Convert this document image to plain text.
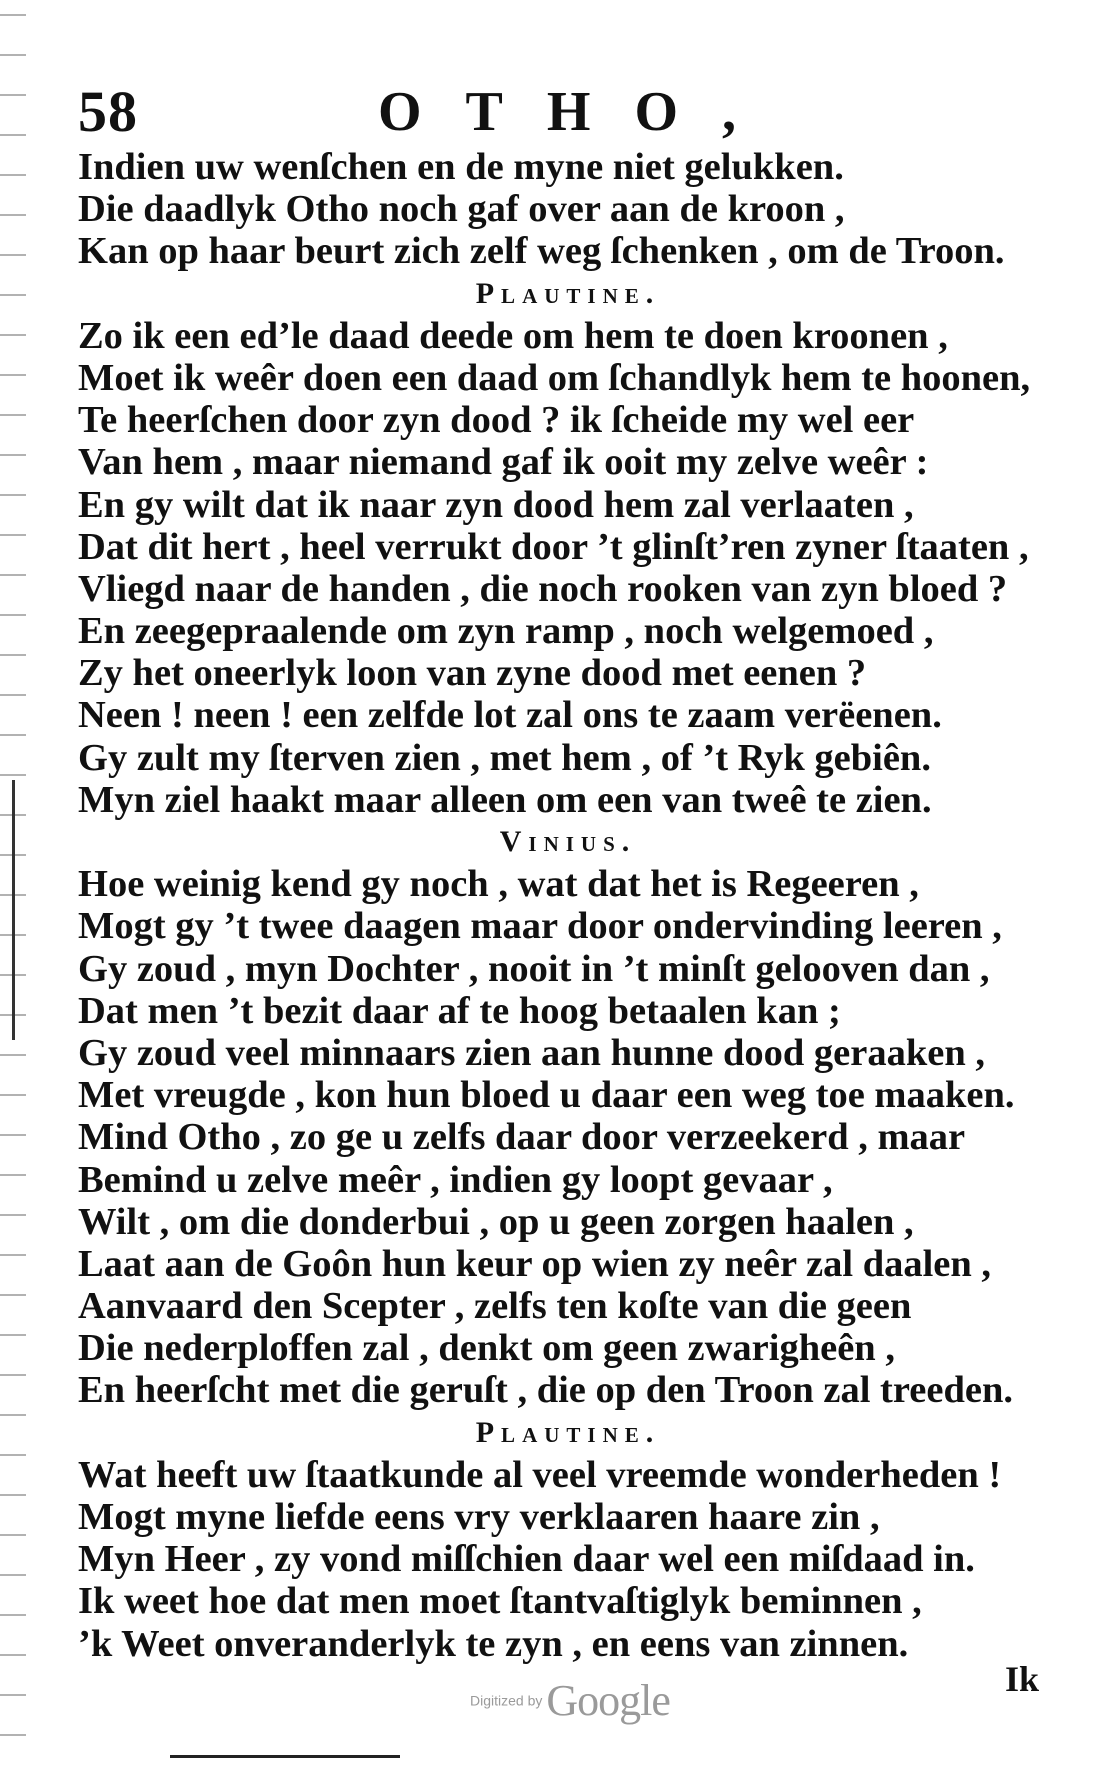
58	OTHO,
Indien uw wenſchen en de myne niet gelukken.
Die daadlyk Otho noch gaf over aan de kroon ,
Kan op haar beurt zich zelf weg ſchenken , om de Troon.
Plautine.
Zo ik een ed’le daad deede om hem te doen kroonen ,
Moet ik weêr doen een daad om ſchandlyk hem te hoonen,
Te heerſchen door zyn dood ? ik ſcheide my wel eer
Van hem , maar niemand gaf ik ooit my zelve weêr :
En gy wilt dat ik naar zyn dood hem zal verlaaten ,
Dat dit hert , heel verrukt door ’t glinſt’ren zyner ſtaaten ,
Vliegd naar de handen , die noch rooken van zyn bloed ?
En zeegepraalende om zyn ramp , noch welgemoed ,
Zy het oneerlyk loon van zyne dood met eenen ?
Neen ! neen ! een zelfde lot zal ons te zaam verëenen.
Gy zult my ſterven zien , met hem , of ’t Ryk gebiên.
Myn ziel haakt maar alleen om een van tweê te zien.
Vinius.
Hoe weinig kend gy noch , wat dat het is Regeeren ,
Mogt gy ’t twee daagen maar door ondervinding leeren ,
Gy zoud , myn Dochter , nooit in ’t minſt gelooven dan ,
Dat men ’t bezit daar af te hoog betaalen kan ;
Gy zoud veel minnaars zien aan hunne dood geraaken ,
Met vreugde , kon hun bloed u daar een weg toe maaken.
Mind Otho , zo ge u zelfs daar door verzeekerd , maar
Bemind u zelve meêr , indien gy loopt gevaar ,
Wilt , om die donderbui , op u geen zorgen haalen ,
Laat aan de Goôn hun keur op wien zy neêr zal daalen ,
Aanvaard den Scepter , zelfs ten koſte van die geen
Die nederploffen zal , denkt om geen zwarigheên ,
En heerſcht met die geruſt , die op den Troon zal treeden.
Plautine.
Wat heeft uw ſtaatkunde al veel vreemde wonderheden !
Mogt myne liefde eens vry verklaaren haare zin ,
Myn Heer , zy vond miſſchien daar wel een miſdaad in.
Ik weet hoe dat men moet ſtantvaſtiglyk beminnen ,
’k Weet onveranderlyk te zyn , en eens van zinnen.
Ik
Digitized by Google
